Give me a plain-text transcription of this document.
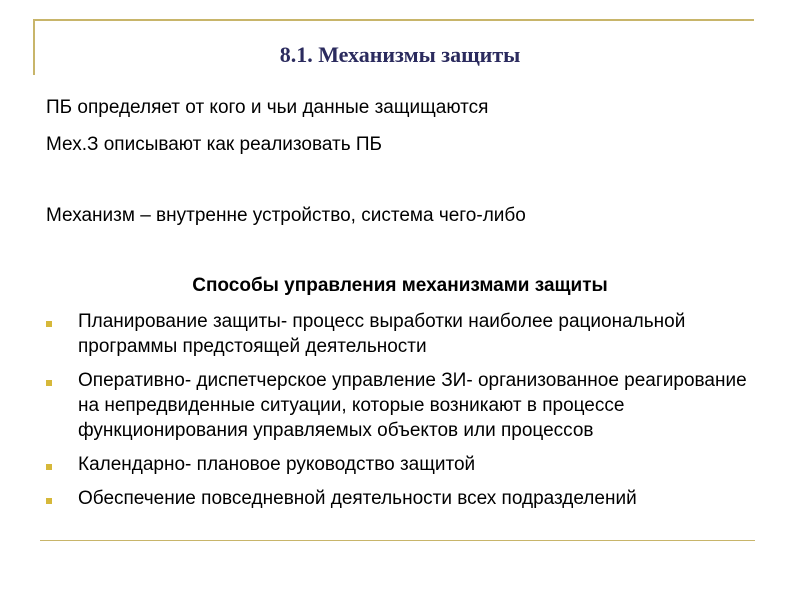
8.1. Механизмы защиты
ПБ определяет от кого и чьи данные защищаются
Мех.З описывают как реализовать ПБ
Механизм – внутренне устройство, система чего-либо
Способы управления механизмами защиты
Планирование защиты- процесс выработки наиболее рациональной программы предстоящей деятельности
Оперативно- диспетчерское управление ЗИ- организованное реагирование на непредвиденные ситуации, которые возникают в процессе функционирования управляемых объектов или процессов
Календарно- плановое руководство защитой
Обеспечение повседневной деятельности всех подразделений
